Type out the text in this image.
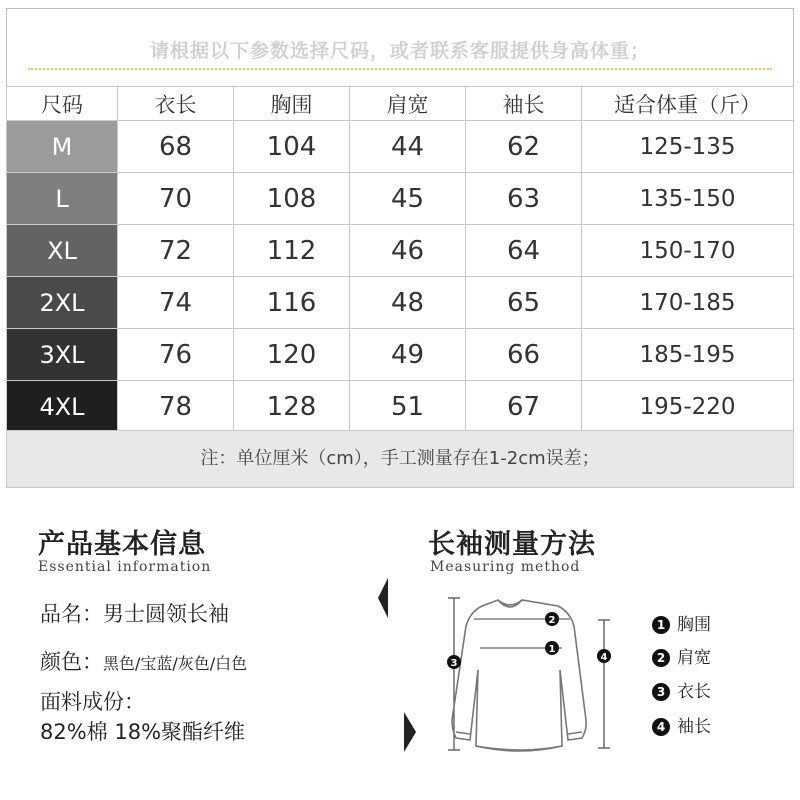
请根据以下参数选择尺码，或者联系客服提供身高体重；
尺码	衣长	胸围	肩宽	袖长	适合体重（斤）
M	68	104	44	62	125-135
L	70	108	45	63	135-150
XL	72	112	46	64	150-170
2XL	74	116	48	65	170-185
3XL	76	120	49	66	185-195
4XL	78	128	51	67	195-220
注：单位厘米（cm），手工测量存在1-2cm误差；
产品基本信息
Essential information
品名：男士圆领长袖
颜色：黑色/宝蓝/灰色/白色
面料成份：
82%棉 18%聚酯纤维
长袖测量方法
Measuring method
2
1
3
4
1 胸围
2 肩宽
3 衣长
4 袖长
